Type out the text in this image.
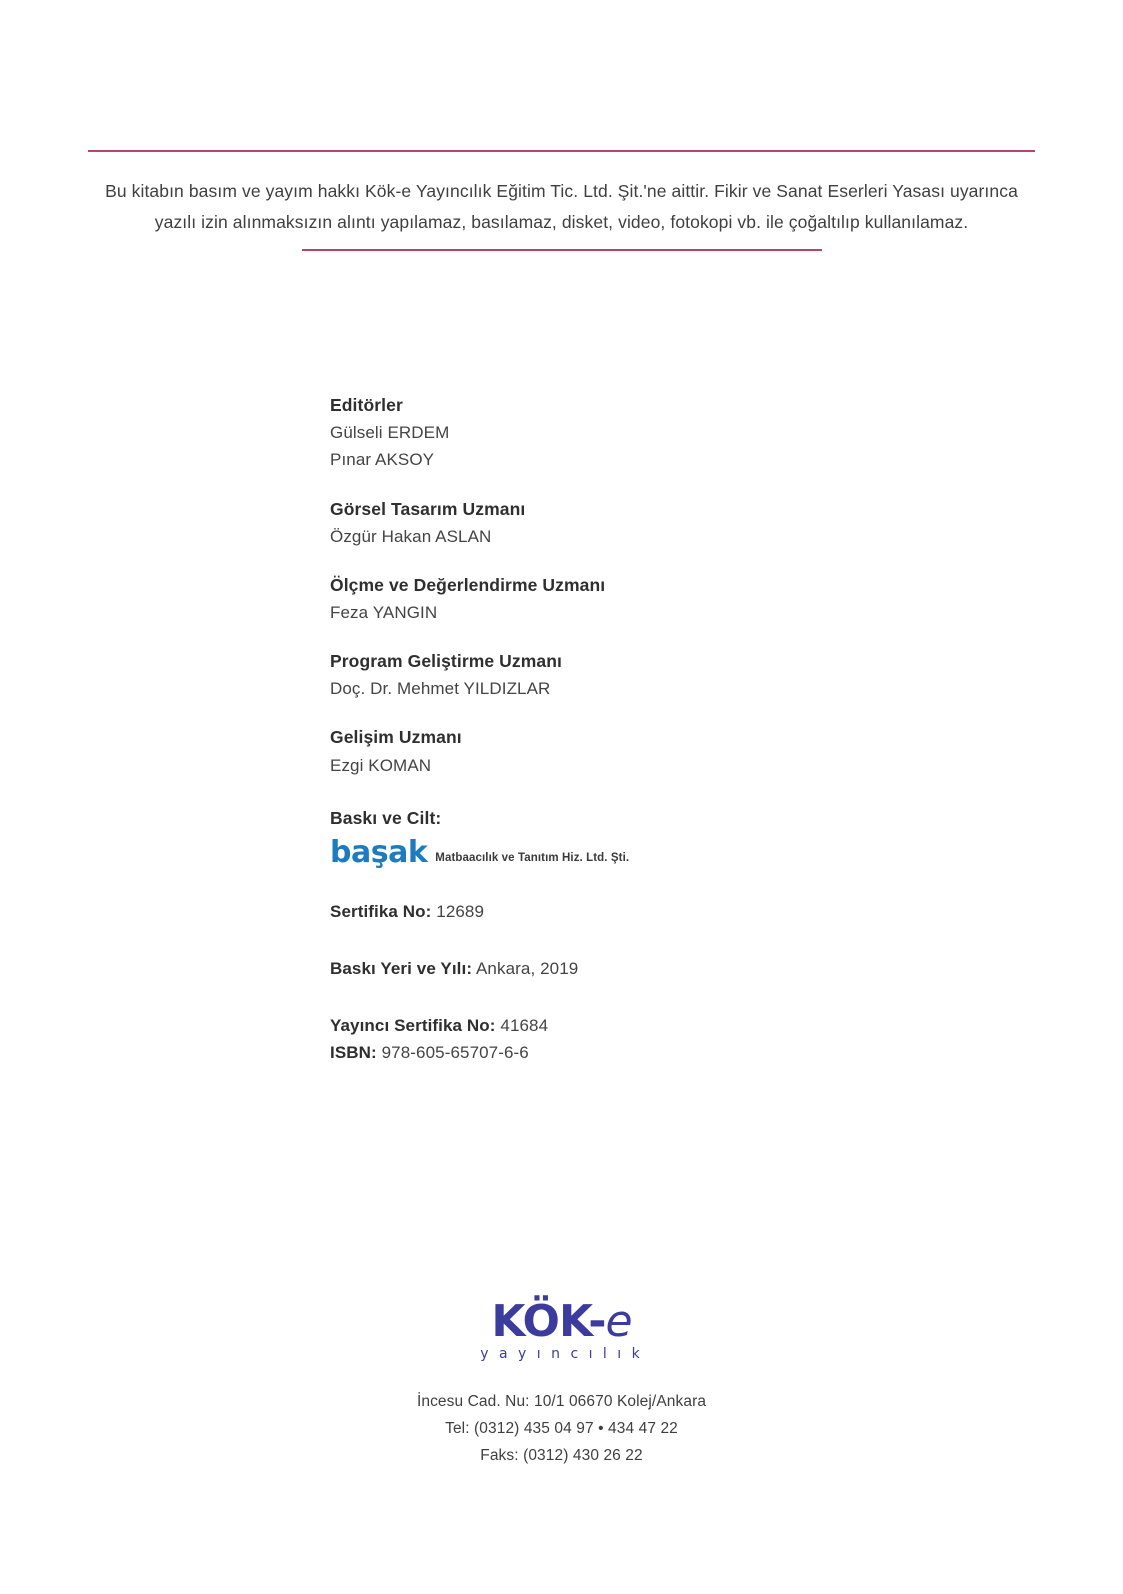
Bu kitabın basım ve yayım hakkı Kök-e Yayıncılık Eğitim Tic. Ltd. Şit.'ne aittir. Fikir ve Sanat Eserleri Yasası uyarınca yazılı izin alınmaksızın alıntı yapılamaz, basılamaz, disket, video, fotokopi vb. ile çoğaltılıp kullanılamaz.
Editörler
Gülseli ERDEM
Pınar AKSOY
Görsel Tasarım Uzmanı
Özgür Hakan ASLAN
Ölçme ve Değerlendirme Uzmanı
Feza YANGIN
Program Geliştirme Uzmanı
Doç. Dr. Mehmet YILDIZLAR
Gelişim Uzmanı
Ezgi KOMAN
Baskı ve Cilt:
başak Matbaacılık ve Tanıtım Hiz. Ltd. Şti.
Sertifika No: 12689
Baskı Yeri ve Yılı: Ankara, 2019
Yayıncı Sertifika No: 41684
ISBN: 978-605-65707-6-6
KÖK-e
y a y ı n c ı l ı k
İncesu Cad. Nu: 10/1 06670 Kolej/Ankara
Tel: (0312) 435 04 97 • 434 47 22
Faks: (0312) 430 26 22
